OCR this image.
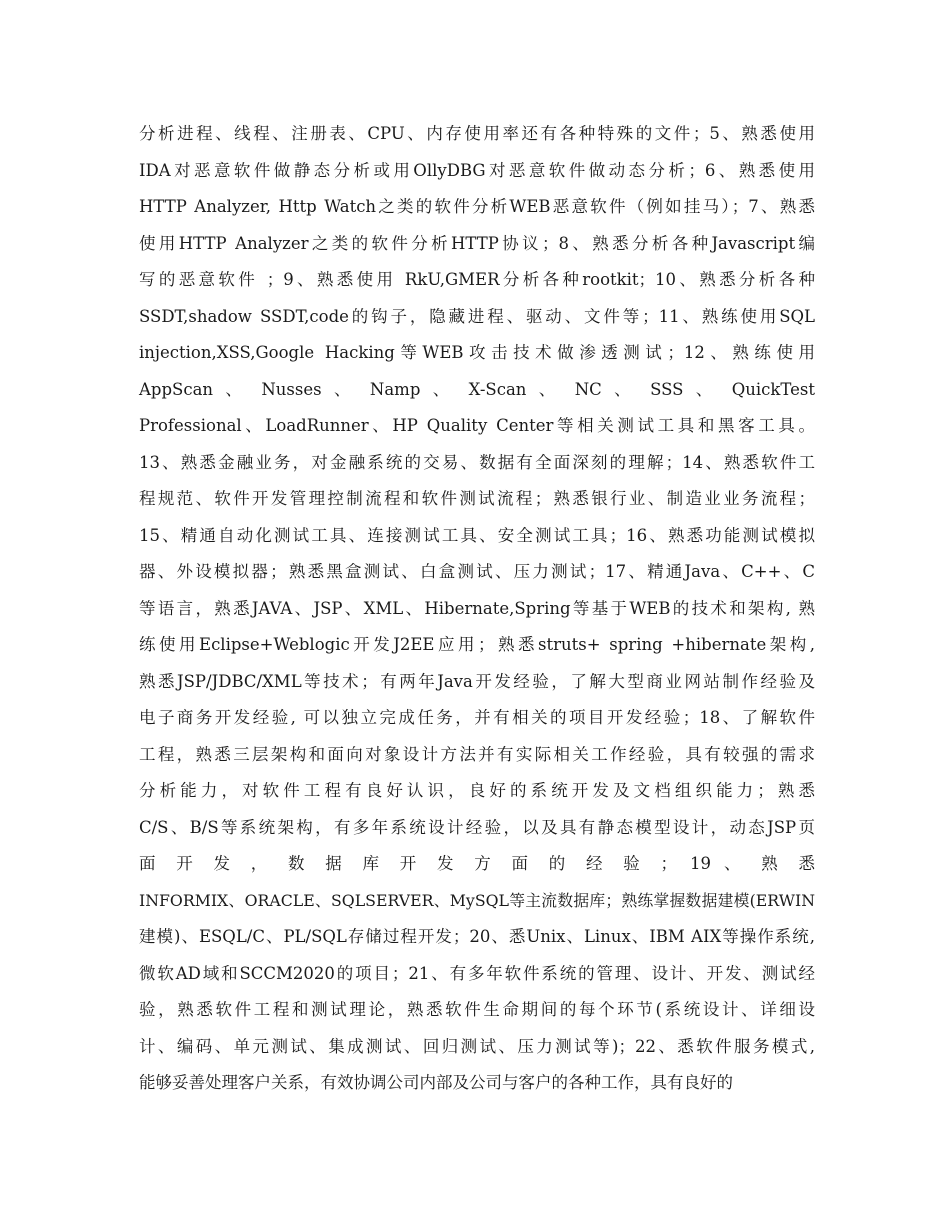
分析进程、线程、注册表、CPU、内存使用率还有各种特殊的文件；5、熟悉使用
IDA对恶意软件做静态分析或用OllyDBG对恶意软件做动态分析；6、熟悉使用
HTTP Analyzer, Http Watch之类的软件分析WEB恶意软件（例如挂马）；7、熟悉
使用HTTP Analyzer之类的软件分析HTTP协议；8、熟悉分析各种Javascript编
写的恶意软件 ；9、熟悉使用 RkU,GMER分析各种rootkit；10、熟悉分析各种
SSDT,shadow SSDT,code的钩子，隐藏进程、驱动、文件等；11、熟练使用SQL
injection,XSS,Google Hacking等WEB攻击技术做渗透测试；12、熟练使用
AppScan 、 Nusses 、 Namp 、 X-Scan 、 NC 、 SSS 、 QuickTest
Professional、LoadRunner、HP Quality Center等相关测试工具和黑客工具。
13、熟悉金融业务，对金融系统的交易、数据有全面深刻的理解；14、熟悉软件工
程规范、软件开发管理控制流程和软件测试流程；熟悉银行业、制造业业务流程；
15、精通自动化测试工具、连接测试工具、安全测试工具；16、熟悉功能测试模拟
器、外设模拟器；熟悉黑盒测试、白盒测试、压力测试；17、精通Java、C++、C
等语言，熟悉JAVA、JSP、XML、Hibernate,Spring等基于WEB的技术和架构, 熟
练使用Eclipse+Weblogic开发J2EE应用；熟悉struts+ spring +hibernate架构,
熟悉JSP/JDBC/XML等技术；有两年Java开发经验，了解大型商业网站制作经验及
电子商务开发经验, 可以独立完成任务，并有相关的项目开发经验；18、了解软件
工程，熟悉三层架构和面向对象设计方法并有实际相关工作经验，具有较强的需求
分析能力，对软件工程有良好认识，良好的系统开发及文档组织能力；熟悉
C/S、B/S等系统架构，有多年系统设计经验，以及具有静态模型设计，动态JSP页
面 开 发 ， 数 据 库 开 发 方 面 的 经 验 ； 19 、 熟 悉
INFORMIX、ORACLE、SQLSERVER、MySQL等主流数据库；熟练掌握数据建模(ERWIN
建模)、ESQL/C、PL/SQL存储过程开发；20、悉Unix、Linux、IBM AIX等操作系统,
微软AD域和SCCM2020的项目；21、有多年软件系统的管理、设计、开发、测试经
验，熟悉软件工程和测试理论，熟悉软件生命期间的每个环节(系统设计、详细设
计、编码、单元测试、集成测试、回归测试、压力测试等)；22、悉软件服务模式,
能够妥善处理客户关系，有效协调公司内部及公司与客户的各种工作，具有良好的
